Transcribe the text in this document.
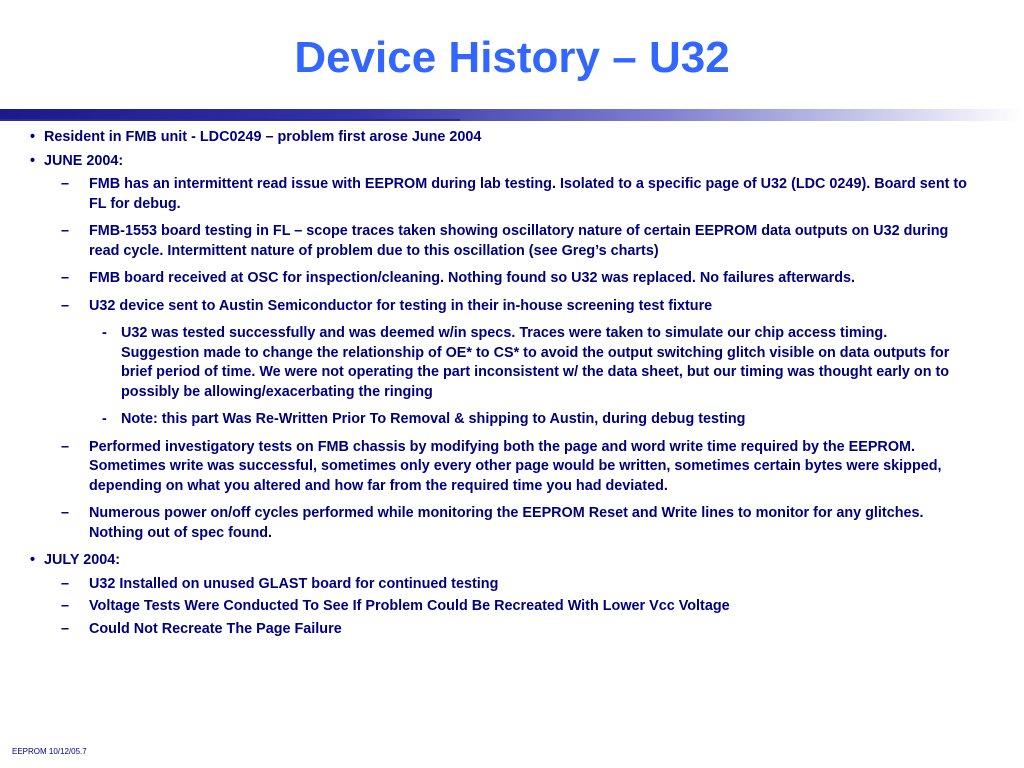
Device History – U32
• Resident in FMB unit - LDC0249 – problem first arose June 2004
• JUNE 2004:
– FMB has an intermittent read issue with EEPROM during lab testing. Isolated to a specific page of U32 (LDC 0249). Board sent to FL for debug.
– FMB-1553 board testing in FL – scope traces taken showing oscillatory nature of certain EEPROM data outputs on U32 during read cycle. Intermittent nature of problem due to this oscillation (see Greg’s charts)
– FMB board received at OSC for inspection/cleaning. Nothing found so U32 was replaced. No failures afterwards.
– U32 device sent to Austin Semiconductor for testing in their in-house screening test fixture
- U32 was tested successfully and was deemed w/in specs. Traces were taken to simulate our chip access timing. Suggestion made to change the relationship of OE* to CS* to avoid the output switching glitch visible on data outputs for brief period of time. We were not operating the part inconsistent w/ the data sheet, but our timing was thought early on to possibly be allowing/exacerbating the ringing
- Note: this part Was Re-Written Prior To Removal & shipping to Austin, during debug testing
– Performed investigatory tests on FMB chassis by modifying both the page and word write time required by the EEPROM. Sometimes write was successful, sometimes only every other page would be written, sometimes certain bytes were skipped, depending on what you altered and how far from the required time you had deviated.
– Numerous power on/off cycles performed while monitoring the EEPROM Reset and Write lines to monitor for any glitches. Nothing out of spec found.
• JULY 2004:
– U32 Installed on unused GLAST board for continued testing
– Voltage Tests Were Conducted To See If Problem Could Be Recreated With Lower Vcc Voltage
– Could Not Recreate The Page Failure
EEPROM 10/12/05.7
